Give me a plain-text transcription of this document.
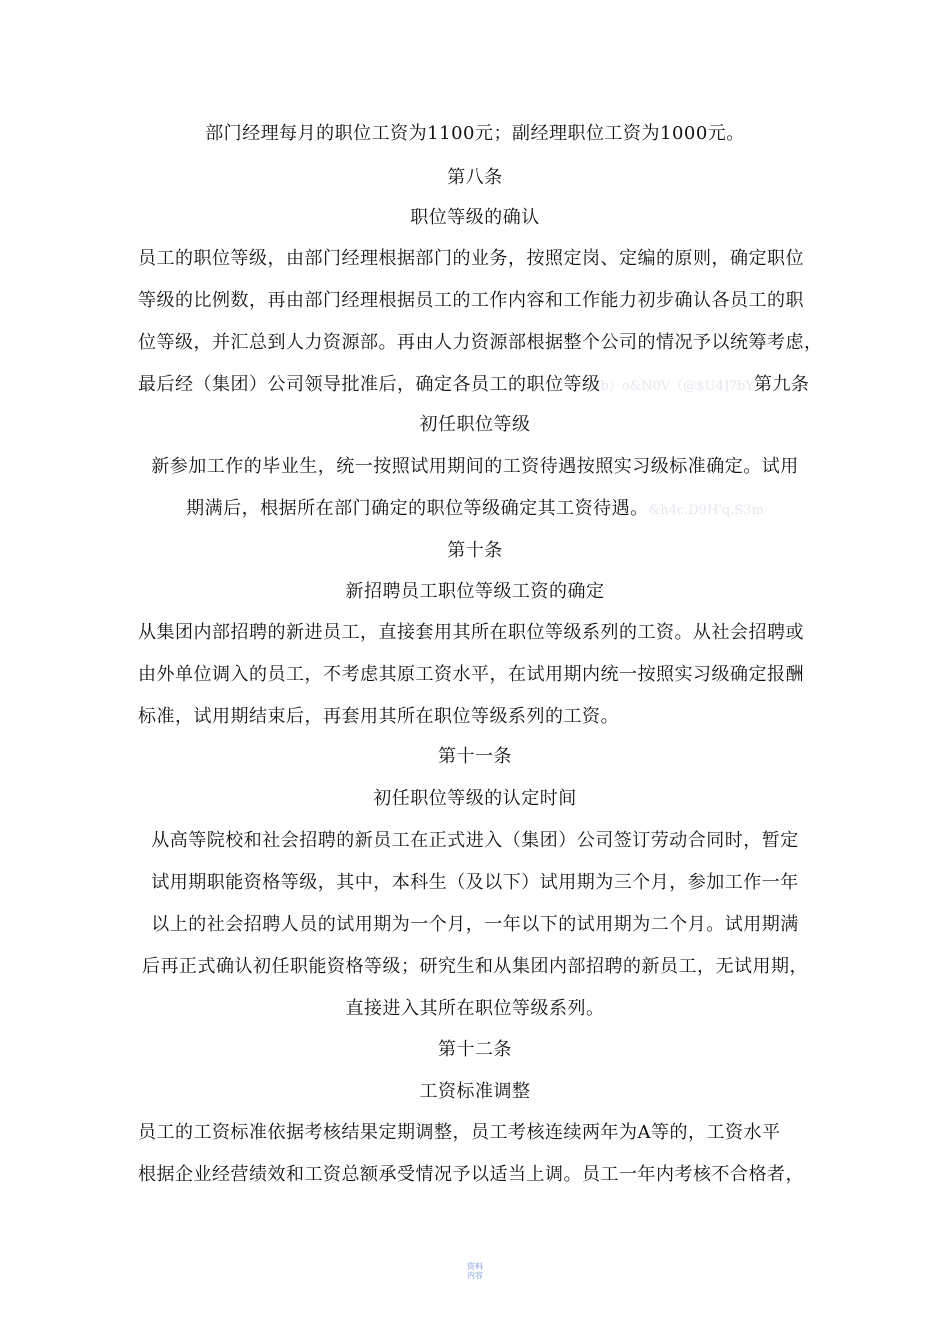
部门经理每月的职位工资为1100元；副经理职位工资为1000元。
第八条
职位等级的确认
员工的职位等级，由部门经理根据部门的业务，按照定岗、定编的原则，确定职位
等级的比例数，再由部门经理根据员工的工作内容和工作能力初步确认各员工的职
位等级，并汇总到人力资源部。再由人力资源部根据整个公司的情况予以统筹考虑，
最后经（集团）公司领导批准后，确定各员工的职位等级b）o&N0V（@$U4]7bY第九条
初任职位等级
新参加工作的毕业生，统一按照试用期间的工资待遇按照实习级标准确定。试用
期满后，根据所在部门确定的职位等级确定其工资待遇。&h4c.D9H'q.S3m
第十条
新招聘员工职位等级工资的确定
从集团内部招聘的新进员工，直接套用其所在职位等级系列的工资。从社会招聘或
由外单位调入的员工，不考虑其原工资水平，在试用期内统一按照实习级确定报酬
标准，试用期结束后，再套用其所在职位等级系列的工资。
第十一条
初任职位等级的认定时间
从高等院校和社会招聘的新员工在正式进入（集团）公司签订劳动合同时，暂定
试用期职能资格等级，其中，本科生（及以下）试用期为三个月，参加工作一年
以上的社会招聘人员的试用期为一个月，一年以下的试用期为二个月。试用期满
后再正式确认初任职能资格等级；研究生和从集团内部招聘的新员工，无试用期，
直接进入其所在职位等级系列。
第十二条
工资标准调整
员工的工资标准依据考核结果定期调整，员工考核连续两年为A等的，工资水平
根据企业经营绩效和工资总额承受情况予以适当上调。员工一年内考核不合格者，
资料
内容
